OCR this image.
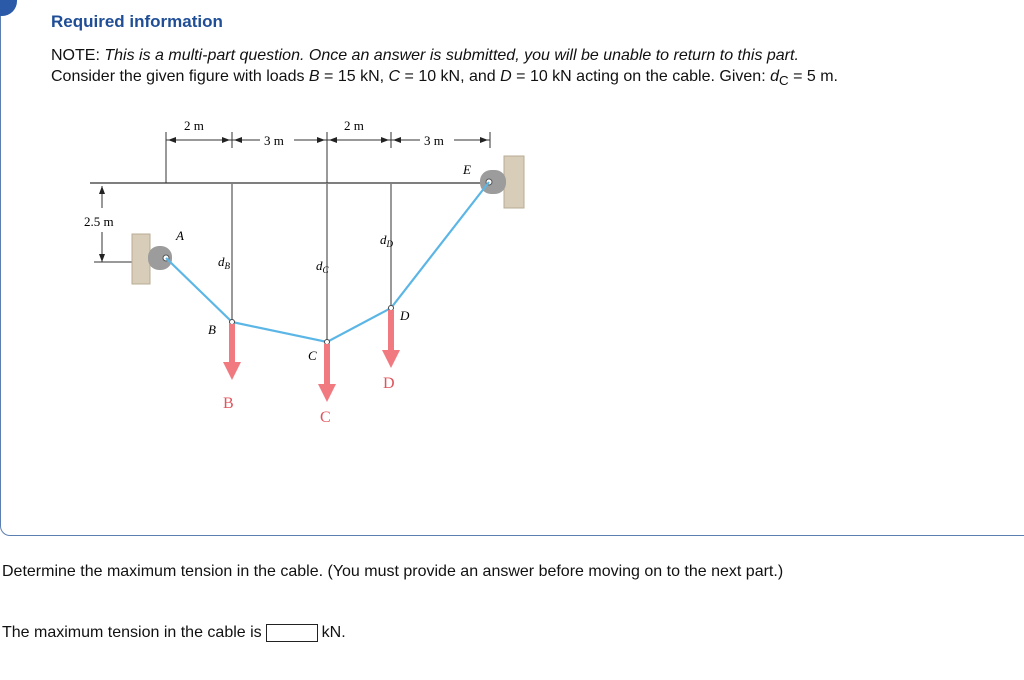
Required information
NOTE: This is a multi-part question. Once an answer is submitted, you will be unable to return to this part.
Consider the given figure with loads B = 15 kN, C = 10 kN, and D = 10 kN acting on the cable. Given: $d_C = 5$ m.
2 m
3 m
2 m
3 m
2.5 m
$d_B$	$d_C$
$d_D$
A
B
C
D
E
B
C
D
Determine the maximum tension in the cable. (You must provide an answer before moving on to the next part.)
The maximum tension in the cable is	kN.
